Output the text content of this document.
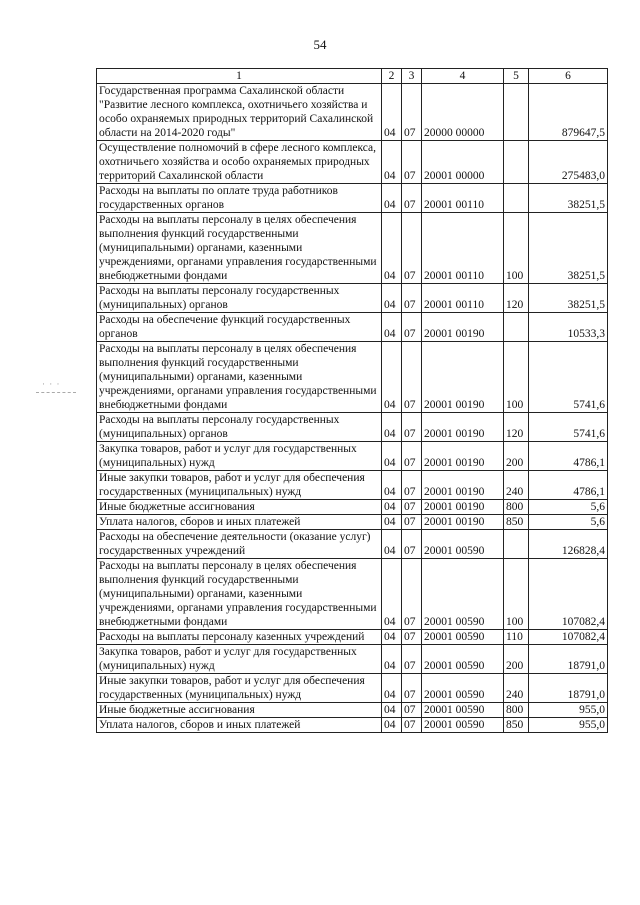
54
· · ·
1	2	3	4	5	6
Государственная программа Сахалинской области "Развитие лесного комплекса, охотничьего хозяйства и особо охраняемых природных территорий Сахалинской области на 2014-2020 годы"	04	07	20000 00000		879647,5
Осуществление полномочий в сфере лесного комплекса, охотничьего хозяйства и особо охраняемых природных территорий Сахалинской области	04	07	20001 00000		275483,0
Расходы на выплаты по оплате труда работников государственных органов	04	07	20001 00110		38251,5
Расходы на выплаты персоналу в целях обеспечения выполнения функций государственными (муниципальными) органами, казенными учреждениями, органами управления государственными внебюджетными фондами	04	07	20001 00110	100	38251,5
Расходы на выплаты персоналу государственных (муниципальных) органов	04	07	20001 00110	120	38251,5
Расходы на обеспечение функций государственных органов	04	07	20001 00190		10533,3
Расходы на выплаты персоналу в целях обеспечения выполнения функций государственными (муниципальными) органами, казенными учреждениями, органами управления государственными внебюджетными фондами	04	07	20001 00190	100	5741,6
Расходы на выплаты персоналу государственных (муниципальных) органов	04	07	20001 00190	120	5741,6
Закупка товаров, работ и услуг для государственных (муниципальных) нужд	04	07	20001 00190	200	4786,1
Иные закупки товаров, работ и услуг для обеспечения государственных (муниципальных) нужд	04	07	20001 00190	240	4786,1
Иные бюджетные ассигнования	04	07	20001 00190	800	5,6
Уплата налогов, сборов и иных платежей	04	07	20001 00190	850	5,6
Расходы на обеспечение деятельности (оказание услуг) государственных учреждений	04	07	20001 00590		126828,4
Расходы на выплаты персоналу в целях обеспечения выполнения функций государственными (муниципальными) органами, казенными учреждениями, органами управления государственными внебюджетными фондами	04	07	20001 00590	100	107082,4
Расходы на выплаты персоналу казенных учреждений	04	07	20001 00590	110	107082,4
Закупка товаров, работ и услуг для государственных (муниципальных) нужд	04	07	20001 00590	200	18791,0
Иные закупки товаров, работ и услуг для обеспечения государственных (муниципальных) нужд	04	07	20001 00590	240	18791,0
Иные бюджетные ассигнования	04	07	20001 00590	800	955,0
Уплата налогов, сборов и иных платежей	04	07	20001 00590	850	955,0
